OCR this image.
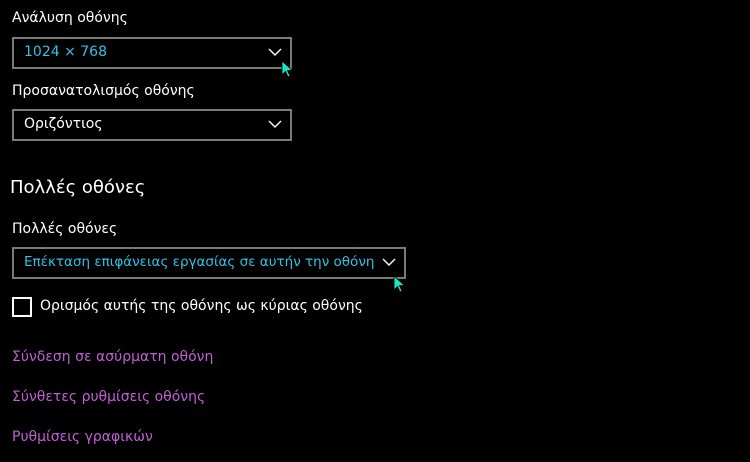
Ανάλυση οθόνης
1024 × 768
Προσανατολισμός οθόνης
Οριζόντιος
Πολλές οθόνες
Πολλές οθόνες
Επέκταση επιφάνειας εργασίας σε αυτήν την οθόνη
Ορισμός αυτής της οθόνης ως κύριας οθόνης
Σύνδεση σε ασύρματη οθόνη
Σύνθετες ρυθμίσεις οθόνης
Ρυθμίσεις γραφικών
